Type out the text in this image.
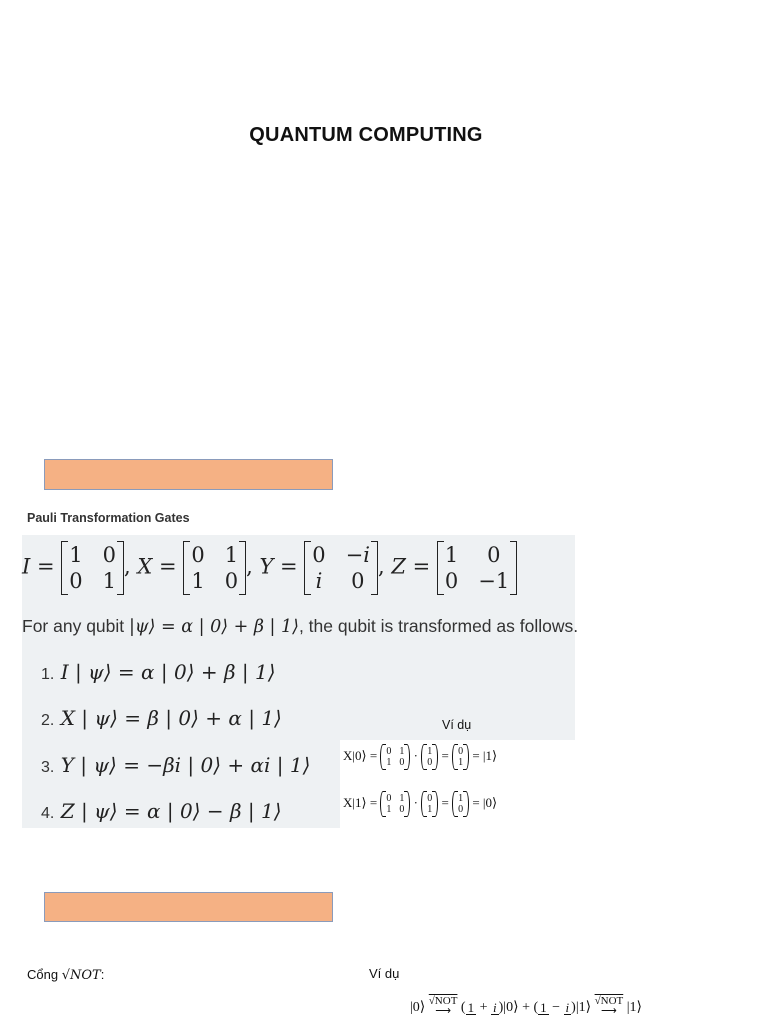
QUANTUM COMPUTING
Pauli Transformation Gates
I = 1 0
0 1
, X = 0 1
1 0
, Y = 0 −i
i 0
, Z = 1	0
0 −1
For any qubit |ψ⟩ = α | 0⟩ + β | 1⟩, the qubit is transformed as follows.
1. I | ψ⟩ = α | 0⟩ + β | 1⟩
2. X | ψ⟩ = β | 0⟩ + α | 1⟩
3. Y | ψ⟩ = −βi | 0⟩ + αi | 1⟩
4. Z | ψ⟩ = α | 0⟩ − β | 1⟩
Ví dụ
X|0⟩ = 0 1
1 0 · 1
0 = 0
1 = |1⟩
X|1⟩ = 0 1
1 0 · 0
1 = 1
0 = |0⟩
Cổng √NOT:	Ví dụ
|0⟩ √NOT
⟶ ( 1 + i )|0⟩ + ( 1 − i )|1⟩ √NOT
⟶ |1⟩
